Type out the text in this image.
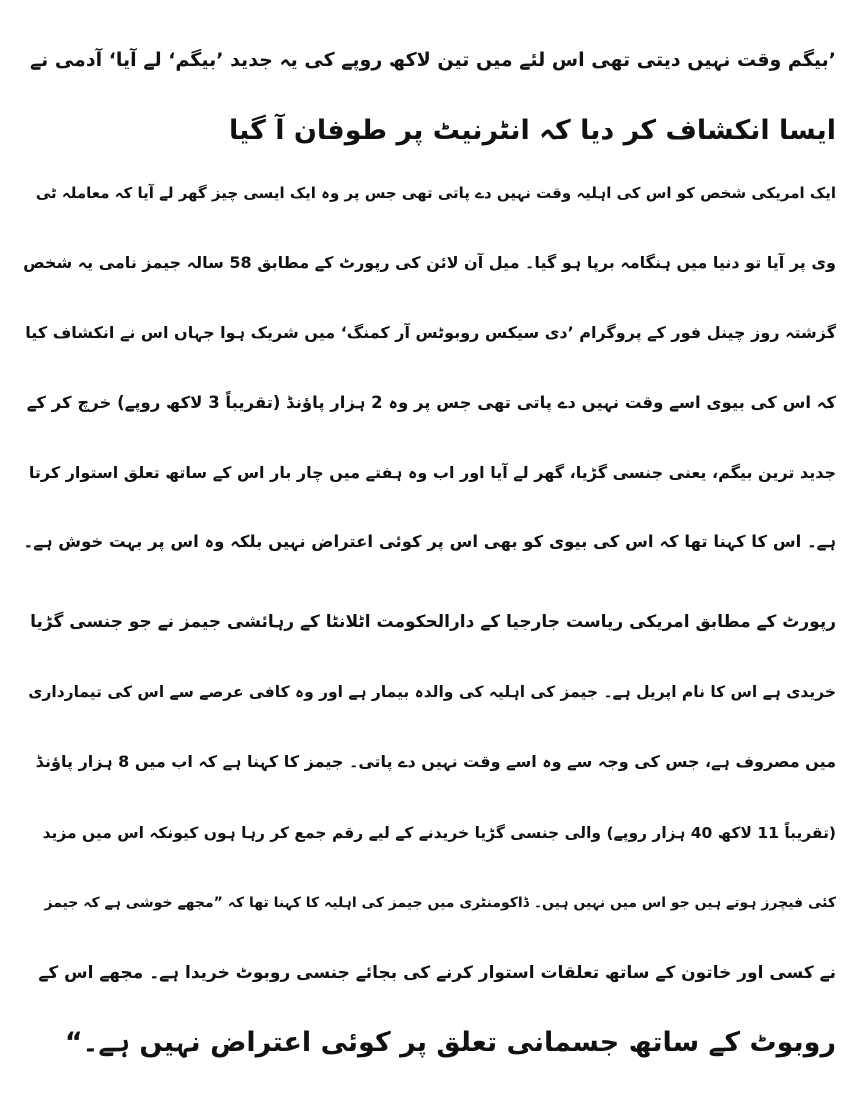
’بیگم وقت نہیں دیتی تھی اس لئے میں تین لاکھ روپے کی یہ جدید ’بیگم‘ لے آیا‘ آدمی نے
ایسا انکشاف کر دیا کہ انٹرنیٹ پر طوفان آ گیا
ایک امریکی شخص کو اس کی اہلیہ وقت نہیں دے پاتی تھی جس پر وہ ایک ایسی چیز گھر لے آیا کہ معاملہ ٹی
وی پر آیا تو دنیا میں ہنگامہ برپا ہو گیا۔ میل آن لائن کی رپورٹ کے مطابق 58 سالہ جیمز نامی یہ شخص
گزشتہ روز چینل فور کے پروگرام ’دی سیکس روبوٹس آر کمنگ‘ میں شریک ہوا جہاں اس نے انکشاف کیا
کہ اس کی بیوی اسے وقت نہیں دے پاتی تھی جس پر وہ 2 ہزار پاﺅنڈ (تقریباً 3 لاکھ روپے) خرچ کر کے
جدید ترین بیگم، یعنی جنسی گڑیا، گھر لے آیا اور اب وہ ہفتے میں چار بار اس کے ساتھ تعلق استوار کرتا
ہے۔ اس کا کہنا تھا کہ اس کی بیوی کو بھی اس پر کوئی اعتراض نہیں بلکہ وہ اس پر بہت خوش ہے۔
رپورٹ کے مطابق امریکی ریاست جارجیا کے دارالحکومت اٹلانٹا کے رہائشی جیمز نے جو جنسی گڑیا
خریدی ہے اس کا نام اپریل ہے۔ جیمز کی اہلیہ کی والدہ بیمار ہے اور وہ کافی عرصے سے اس کی تیمارداری
میں مصروف ہے، جس کی وجہ سے وہ اسے وقت نہیں دے پاتی۔ جیمز کا کہنا ہے کہ اب میں 8 ہزار پاﺅنڈ
(تقریباً 11 لاکھ 40 ہزار روپے) والی جنسی گڑیا خریدنے کے لیے رقم جمع کر رہا ہوں کیونکہ اس میں مزید
کئی فیچرز ہوتے ہیں جو اس میں نہیں ہیں۔ ڈاکومنٹری میں جیمز کی اہلیہ کا کہنا تھا کہ ”مجھے خوشی ہے کہ جیمز
نے کسی اور خاتون کے ساتھ تعلقات استوار کرنے کی بجائے جنسی روبوٹ خریدا ہے۔ مجھے اس کے
روبوٹ کے ساتھ جسمانی تعلق پر کوئی اعتراض نہیں ہے۔“
